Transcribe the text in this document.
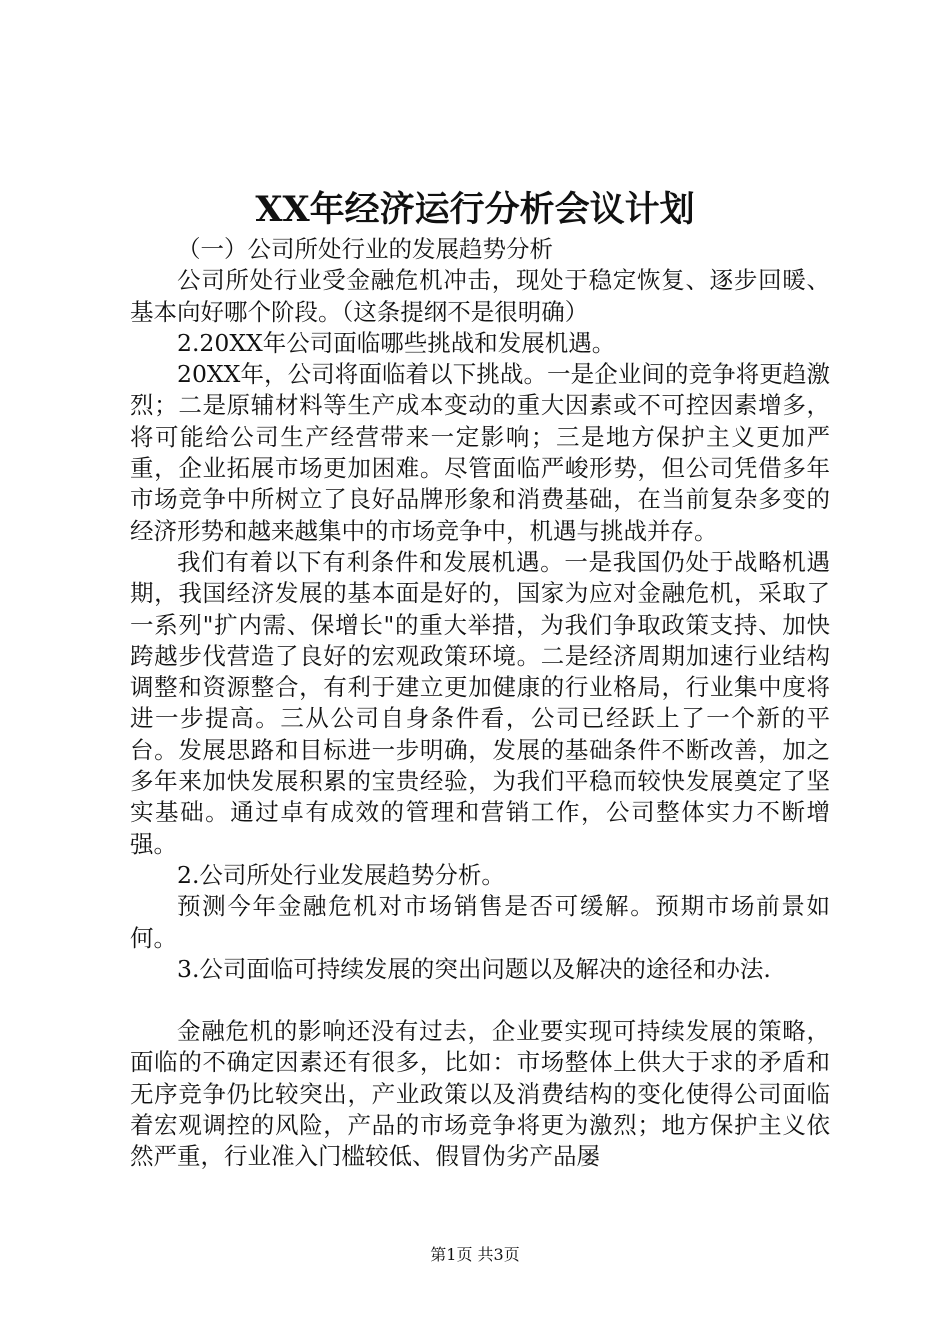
XX年经济运行分析会议计划

（一）公司所处行业的发展趋势分析

公司所处行业受金融危机冲击，现处于稳定恢复、逐步回暖、基本向好哪个阶段。（这条提纲不是很明确）

2.20XX年公司面临哪些挑战和发展机遇。

20XX年，公司将面临着以下挑战。一是企业间的竞争将更趋激烈；二是原辅材料等生产成本变动的重大因素或不可控因素增多，将可能给公司生产经营带来一定影响；三是地方保护主义更加严重，企业拓展市场更加困难。尽管面临严峻形势，但公司凭借多年市场竞争中所树立了良好品牌形象和消费基础，在当前复杂多变的经济形势和越来越集中的市场竞争中，机遇与挑战并存。

我们有着以下有利条件和发展机遇。一是我国仍处于战略机遇期，我国经济发展的基本面是好的，国家为应对金融危机，采取了一系列"扩内需、保增长"的重大举措，为我们争取政策支持、加快跨越步伐营造了良好的宏观政策环境。二是经济周期加速行业结构调整和资源整合，有利于建立更加健康的行业格局，行业集中度将进一步提高。三从公司自身条件看，公司已经跃上了一个新的平台。发展思路和目标进一步明确，发展的基础条件不断改善，加之多年来加快发展积累的宝贵经验，为我们平稳而较快发展奠定了坚实基础。通过卓有成效的管理和营销工作，公司整体实力不断增强。

2.公司所处行业发展趋势分析。

预测今年金融危机对市场销售是否可缓解。预期市场前景如何。

3.公司面临可持续发展的突出问题以及解决的途径和办法.

金融危机的影响还没有过去，企业要实现可持续发展的策略，面临的不确定因素还有很多，比如：市场整体上供大于求的矛盾和无序竞争仍比较突出，产业政策以及消费结构的变化使得公司面临着宏观调控的风险，产品的市场竞争将更为激烈；地方保护主义依然严重，行业准入门槛较低、假冒伪劣产品屡

第1页 共3页
